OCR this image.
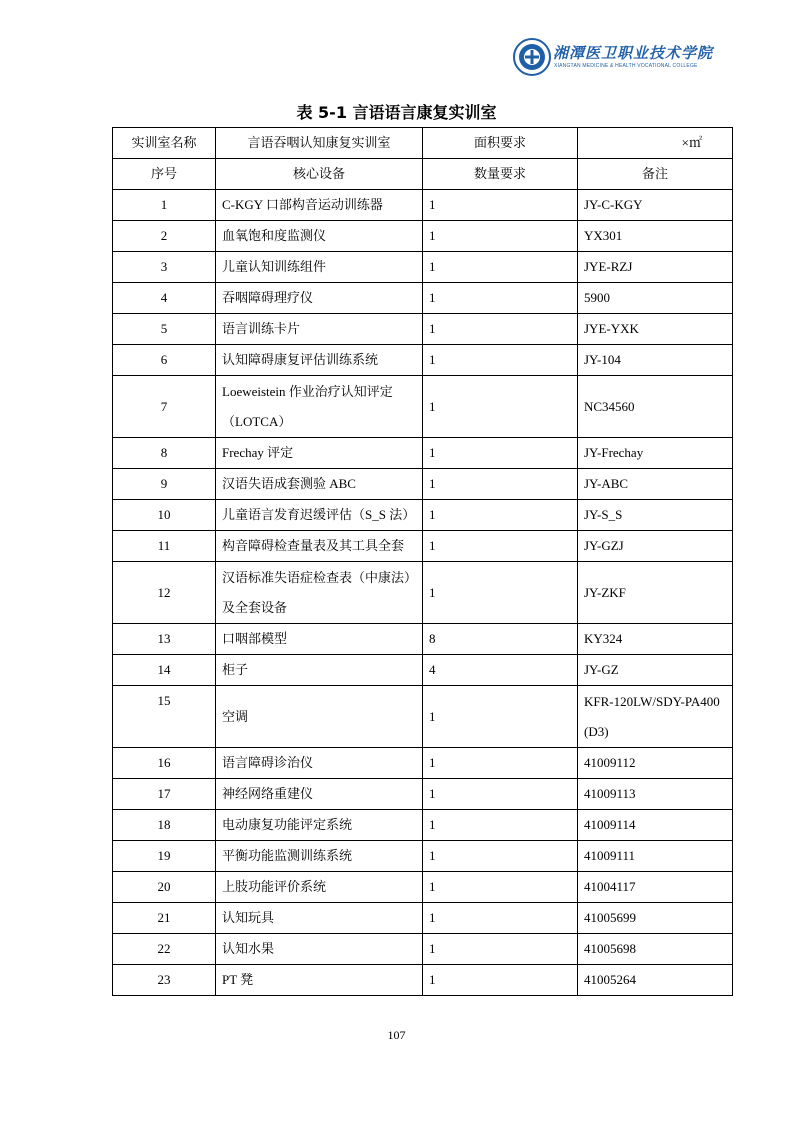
湘潭医卫职业技术学院
XIANGTAN MEDICINE & HEALTH VOCATIONAL COLLEGE
表 5-1 言语语言康复实训室
实训室名称	言语吞咽认知康复实训室	面积要求	×㎡
序号	核心设备	数量要求	备注
1	C-KGY 口部构音运动训练器	1	JY-C-KGY
2	血氧饱和度监测仪	1	YX301
3	儿童认知训练组件	1	JYE-RZJ
4	吞咽障碍理疗仪	1	5900
5	语言训练卡片	1	JYE-YXK
6	认知障碍康复评估训练系统	1	JY-104
7	Loeweistein 作业治疗认知评定
（LOTCA）	1	NC34560
8	Frechay 评定	1	JY-Frechay
9	汉语失语成套测验 ABC	1	JY-ABC
10	儿童语言发育迟缓评估（S_S 法）	1	JY-S_S
11	构音障碍检查量表及其工具全套	1	JY-GZJ
12	汉语标准失语症检查表（中康法）
及全套设备	1	JY-ZKF
13	口咽部模型	8	KY324
14	柜子	4	JY-GZ
15	空调	1	KFR-120LW/SDY-PA400
(D3)

16	语言障碍诊治仪	1	41009112
17	神经网络重建仪	1	41009113
18	电动康复功能评定系统	1	41009114
19	平衡功能监测训练系统	1	41009111
20	上肢功能评价系统	1	41004117
21	认知玩具	1	41005699
22	认知水果	1	41005698
23	PT 凳	1	41005264
107
